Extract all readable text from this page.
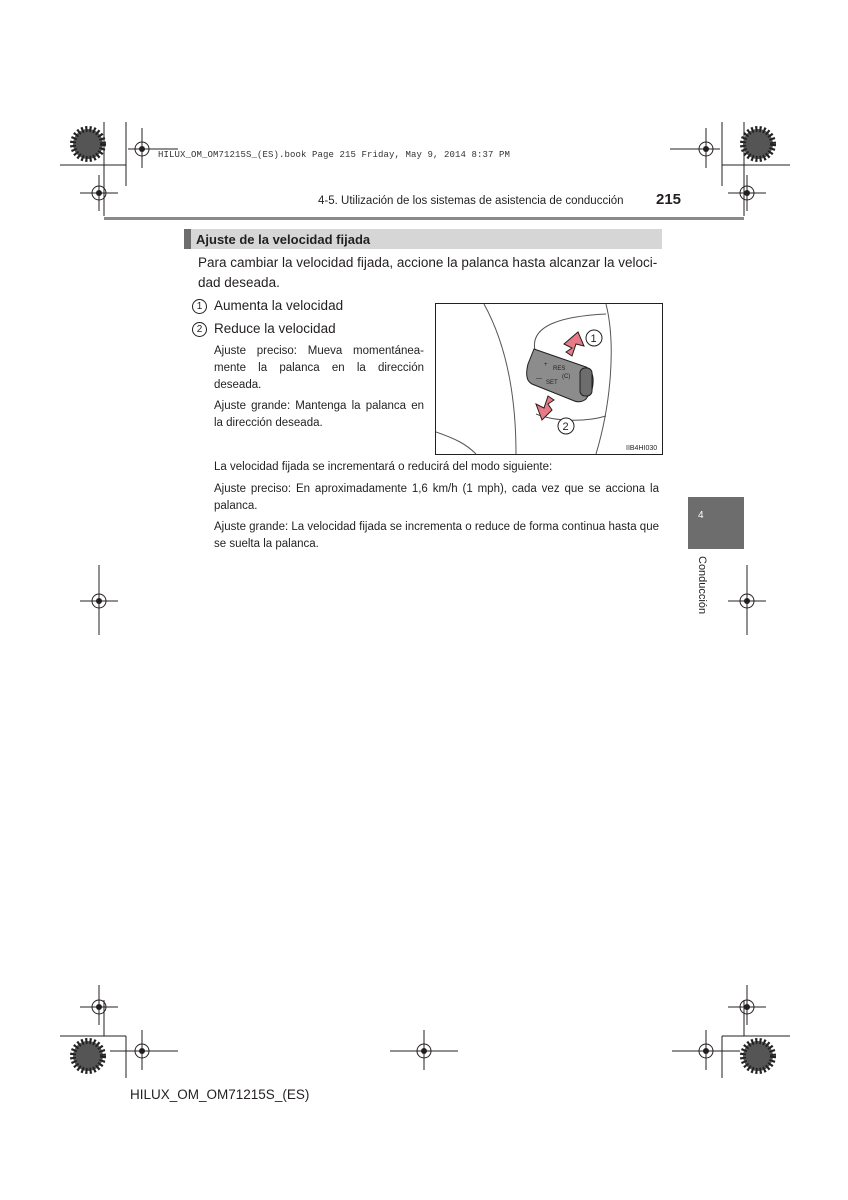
HILUX_OM_OM71215S_(ES).book Page 215 Friday, May 9, 2014 8:37 PM
4-5. Utilización de los sistemas de asistencia de conducción 215
Ajuste de la velocidad fijada
Para cambiar la velocidad fijada, accione la palanca hasta alcanzar la veloci-
dad deseada.
1 Aumenta la velocidad
2 Reduce la velocidad
Ajuste preciso: Mueva momentánea-mente la palanca en la dirección deseada.
Ajuste grande: Mantenga la palanca en la dirección deseada.
+
RES
—
SET
(C)
1
2
IIB4HI030
La velocidad fijada se incrementará o reducirá del modo siguiente:
Ajuste preciso: En aproximadamente 1,6 km/h (1 mph), cada vez que se acciona la palanca.
Ajuste grande: La velocidad fijada se incrementa o reduce de forma continua hasta que se suelta la palanca.
4
Conducción
HILUX_OM_OM71215S_(ES)
